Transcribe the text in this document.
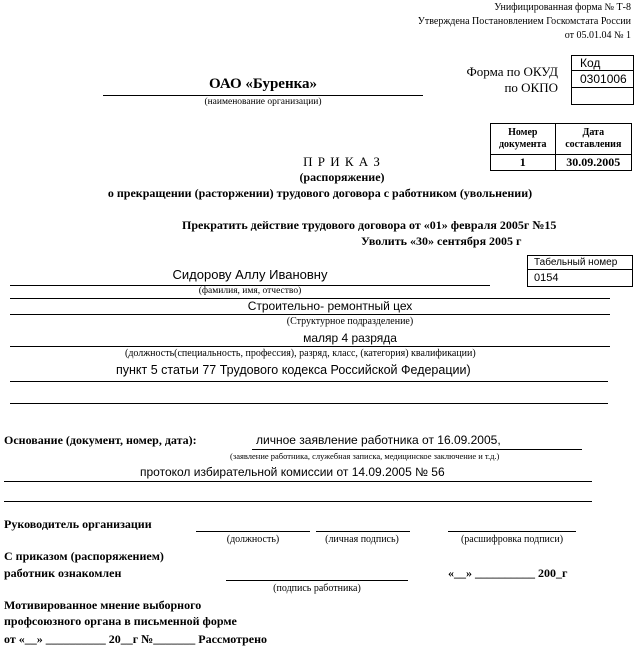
Унифицированная форма № Т-8
Утверждена Постановлением Госкомстата России
от 05.01.04 № 1
Форма по ОКУД
по ОКПО
Код
0301006

ОАО «Буренка»
(наименование организации)
Номер документа	Дата составления
1	30.09.2005
П Р И К А З
(распоряжение)
о прекращении (расторжении) трудового договора с работником (увольнении)
Прекратить действие трудового договора от «01» февраля 2005г №15
Уволить «30» сентября 2005 г
Табельный номер
0154
Сидорову Аллу Ивановну
(фамилия, имя, отчество)
Строительно- ремонтный цех
(Структурное подразделение)
маляр 4 разряда
(должность(специальность, профессия), разряд, класс, (категория) квалификации)
пункт 5 статьи 77 Трудового кодекса Российской Федерации)
Основание (документ, номер, дата):	личное заявление работника от 16.09.2005,
(заявление работника, служебная записка, медицинское заключение и т.д.)
протокол избирательной комиссии от 14.09.2005 № 56
Руководитель организации
(должность)	(личная подпись)	(расшифровка подписи)
С приказом (распоряжением)
работник ознакомлен
(подпись работника)
«__» __________ 200_г
Мотивированное мнение выборного
профсоюзного органа в письменной форме
от «__» __________ 20__г №_______ Рассмотрено
